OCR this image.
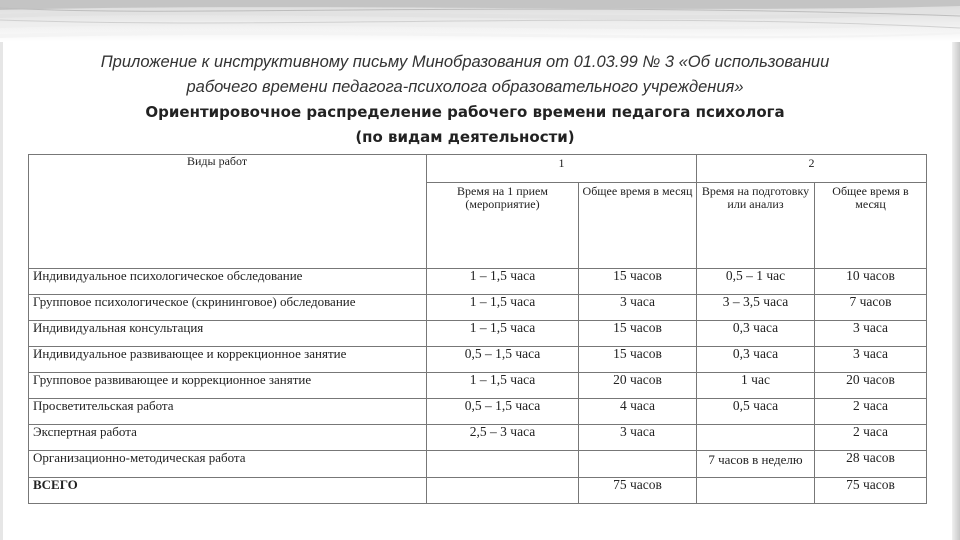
Приложение к инструктивному письму Минобразования от 01.03.99 № 3 «Об использовании
рабочего времени педагога-психолога образовательного учреждения»
Ориентировочное распределение рабочего времени педагога психолога
(по видам деятельности)
Виды работ	1		2	
	Время на 1 прием (мероприятие)	Общее время в месяц	Время на подготовку или анализ	Общее время в месяц
Индивидуальное психологическое обследование	1 – 1,5 часа	15 часов	0,5 – 1 час	10 часов
Групповое психологическое (скрининговое) обследование	1 – 1,5 часа	3 часа	3 – 3,5 часа	7 часов
Индивидуальная консультация	1 – 1,5 часа	15 часов	0,3 часа	3 часа
Индивидуальное развивающее и коррекционное занятие	0,5 – 1,5 часа	15 часов	0,3 часа	3 часа
Групповое развивающее и коррекционное занятие	1 – 1,5 часа	20 часов	1 час	20 часов
Просветительская работа	0,5 – 1,5 часа	4 часа	0,5 часа	2 часа
Экспертная работа	2,5 – 3 часа	3 часа		2 часа
Организационно-методическая работа			7 часов в неделю	28 часов
ВСЕГО		75 часов		75 часов
